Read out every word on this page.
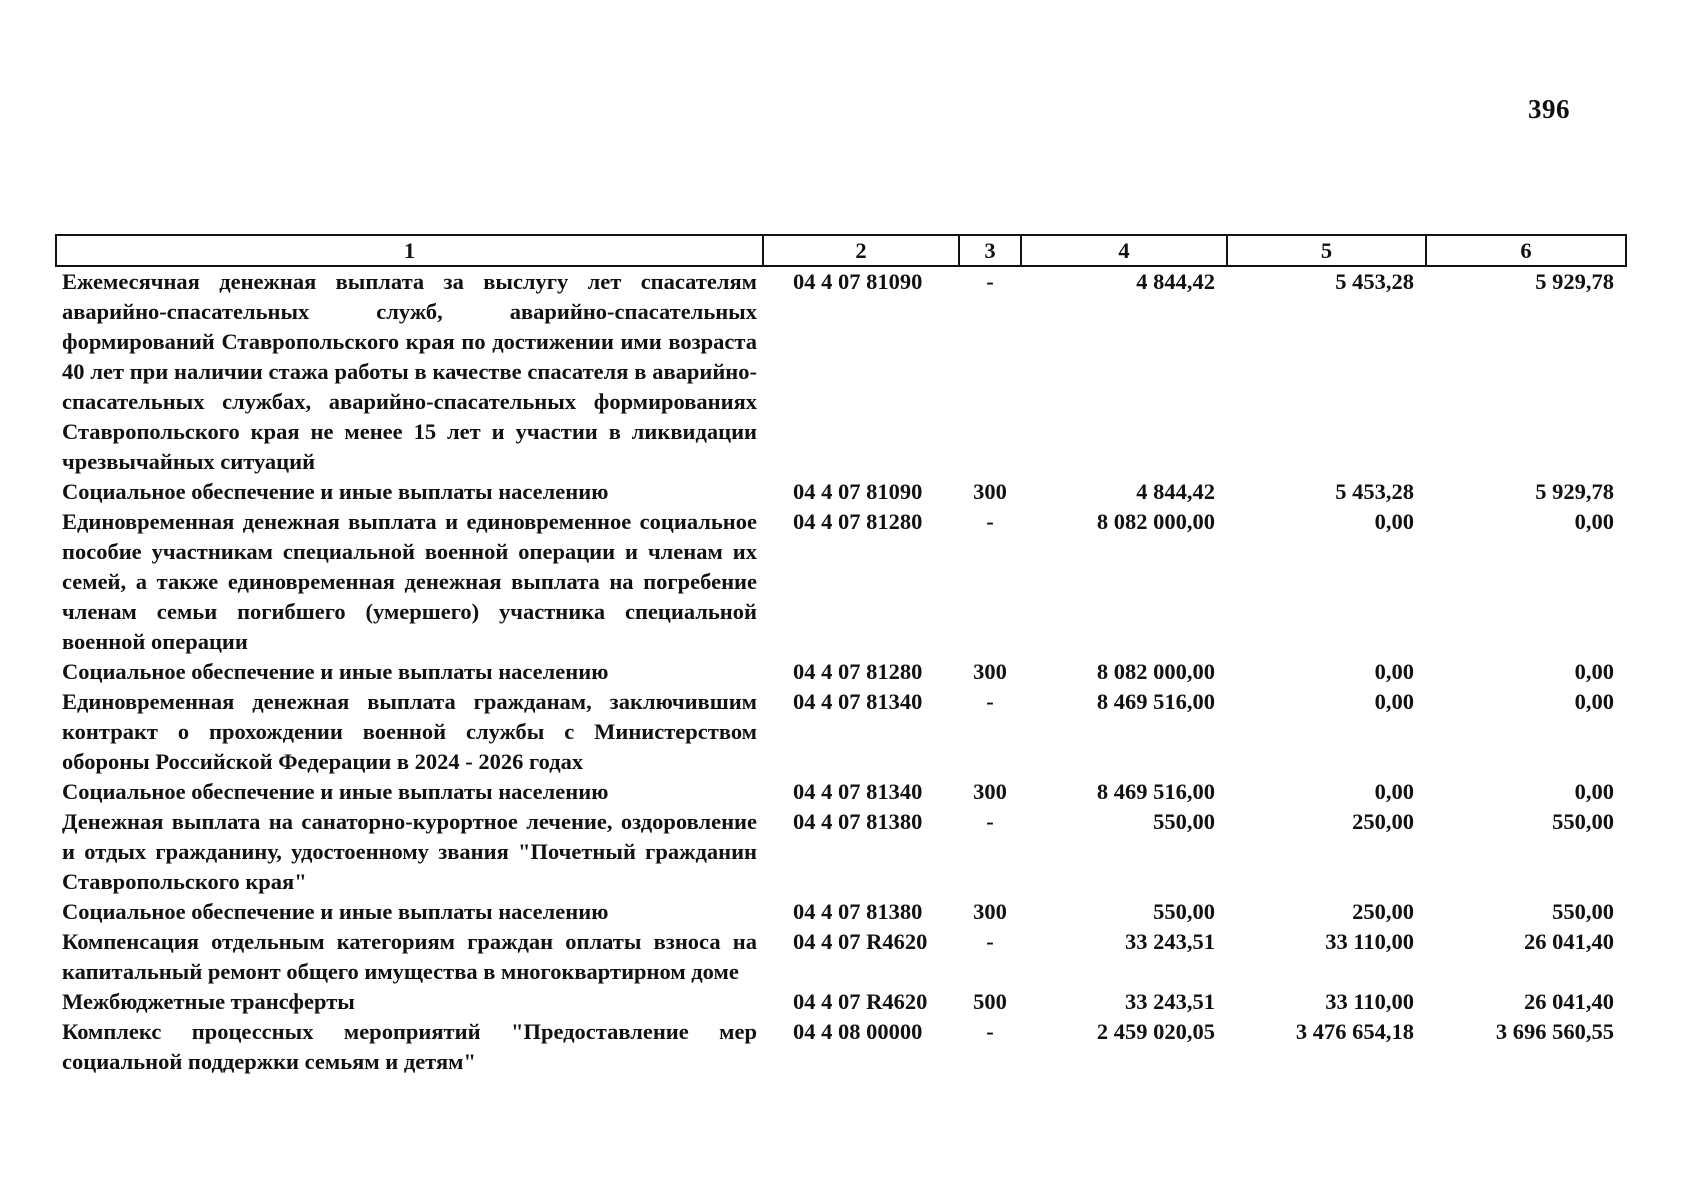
396
1	2	3	4	5	6
Ежемесячная денежная выплата за выслугу лет спасателям аварийно-спасательных служб, аварийно-спасательных формирований Ставропольского края по достижении ими возраста 40 лет при наличии стажа работы в качестве спасателя в аварийно-спасательных службах, аварийно-спасательных формированиях Ставропольского края не менее 15 лет и участии в ликвидации чрезвычайных ситуаций	04 4 07 81090	-	4 844,42	5 453,28	5 929,78
Социальное обеспечение и иные выплаты населению	04 4 07 81090	300	4 844,42	5 453,28	5 929,78
Единовременная денежная выплата и единовременное социальное пособие участникам специальной военной операции и членам их семей, а также единовременная денежная выплата на погребение членам семьи погибшего (умершего) участника специальной военной операции	04 4 07 81280	-	8 082 000,00	0,00	0,00
Социальное обеспечение и иные выплаты населению	04 4 07 81280	300	8 082 000,00	0,00	0,00
Единовременная денежная выплата гражданам, заключившим контракт о прохождении военной службы с Министерством обороны Российской Федерации в 2024 - 2026 годах	04 4 07 81340	-	8 469 516,00	0,00	0,00
Социальное обеспечение и иные выплаты населению	04 4 07 81340	300	8 469 516,00	0,00	0,00
Денежная выплата на санаторно-курортное лечение, оздоровление и отдых гражданину, удостоенному звания "Почетный гражданин Ставропольского края"	04 4 07 81380	-	550,00	250,00	550,00
Социальное обеспечение и иные выплаты населению	04 4 07 81380	300	550,00	250,00	550,00
Компенсация отдельным категориям граждан оплаты взноса на капитальный ремонт общего имущества в многоквартирном доме	04 4 07 R4620	-	33 243,51	33 110,00	26 041,40
Межбюджетные трансферты	04 4 07 R4620	500	33 243,51	33 110,00	26 041,40
Комплекс процессных мероприятий "Предоставление мер социальной поддержки семьям и детям"	04 4 08 00000	-	2 459 020,05	3 476 654,18	3 696 560,55
